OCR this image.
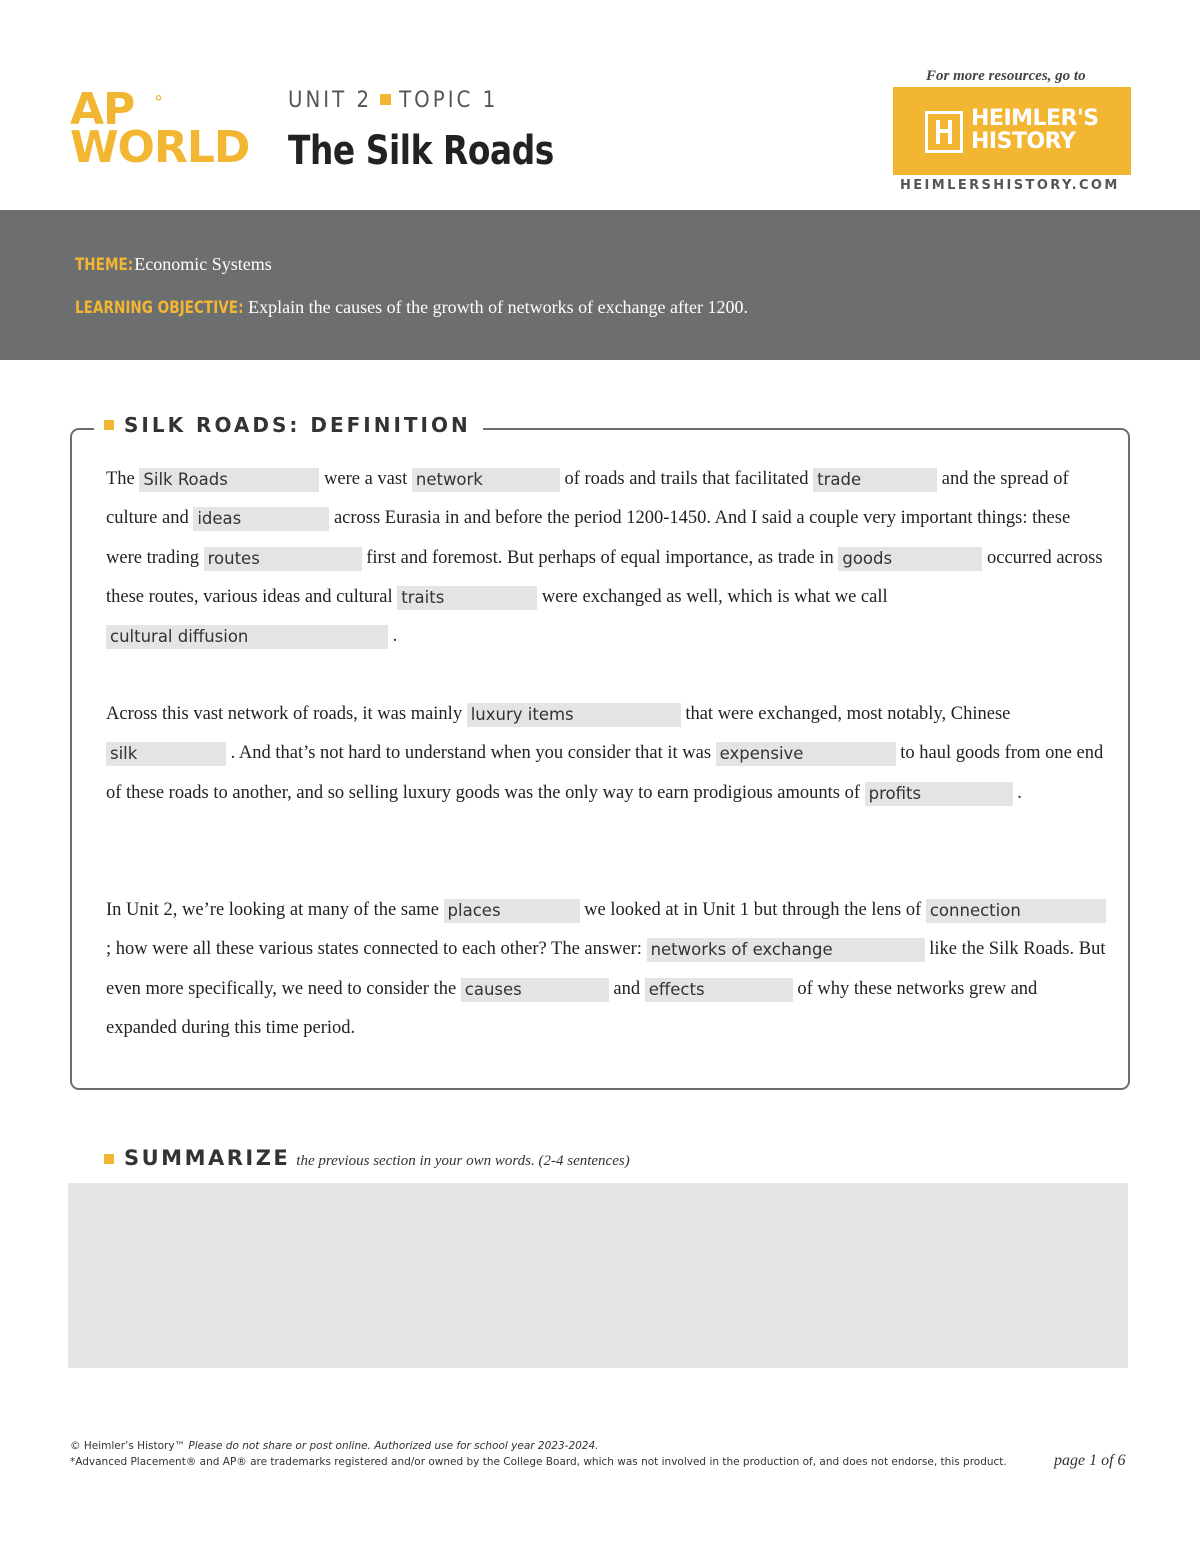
AP °
WORLD
UNIT 2 TOPIC 1
The Silk Roads
For more resources, go to
HEIMLER'S
HISTORY
HEIMLERSHISTORY.COM
THEME: Economic Systems
LEARNING OBJECTIVE: Explain the causes of the growth of networks of exchange after 1200.
SILK ROADS: DEFINITION
The Silk Roads	were a vast network	of roads and trails that facilitated trade	and the spread of culture and ideas	across Eurasia in and before the period 1200-1450. And I said a couple very important things: these were trading routes	first and foremost. But perhaps of equal importance, as trade in goods	occurred across these routes, various ideas and cultural traits	were exchanged as well, which is what we call cultural diffusion	.
Across this vast network of roads, it was mainly luxury items	that were exchanged, most notably, Chinese silk	. And that’s not hard to understand when you consider that it was expensive	to haul goods from one end of these roads to another, and so selling luxury goods was the only way to earn prodigious amounts of profits	.
In Unit 2, we’re looking at many of the same places	we looked at in Unit 1 but through the lens of connection ; how were all these various states connected to each other? The answer: networks of exchange	like the Silk Roads. But even more specifically, we need to consider the causes	and effects	of why these networks grew and expanded during this time period.
SUMMARIZE the previous section in your own words. (2-4 sentences)
© Heimler’s History™ Please do not share or post online. Authorized use for school year 2023-2024.
*Advanced Placement® and AP® are trademarks registered and/or owned by the College Board, which was not involved in the production of, and does not endorse, this product.	page 1 of 6
